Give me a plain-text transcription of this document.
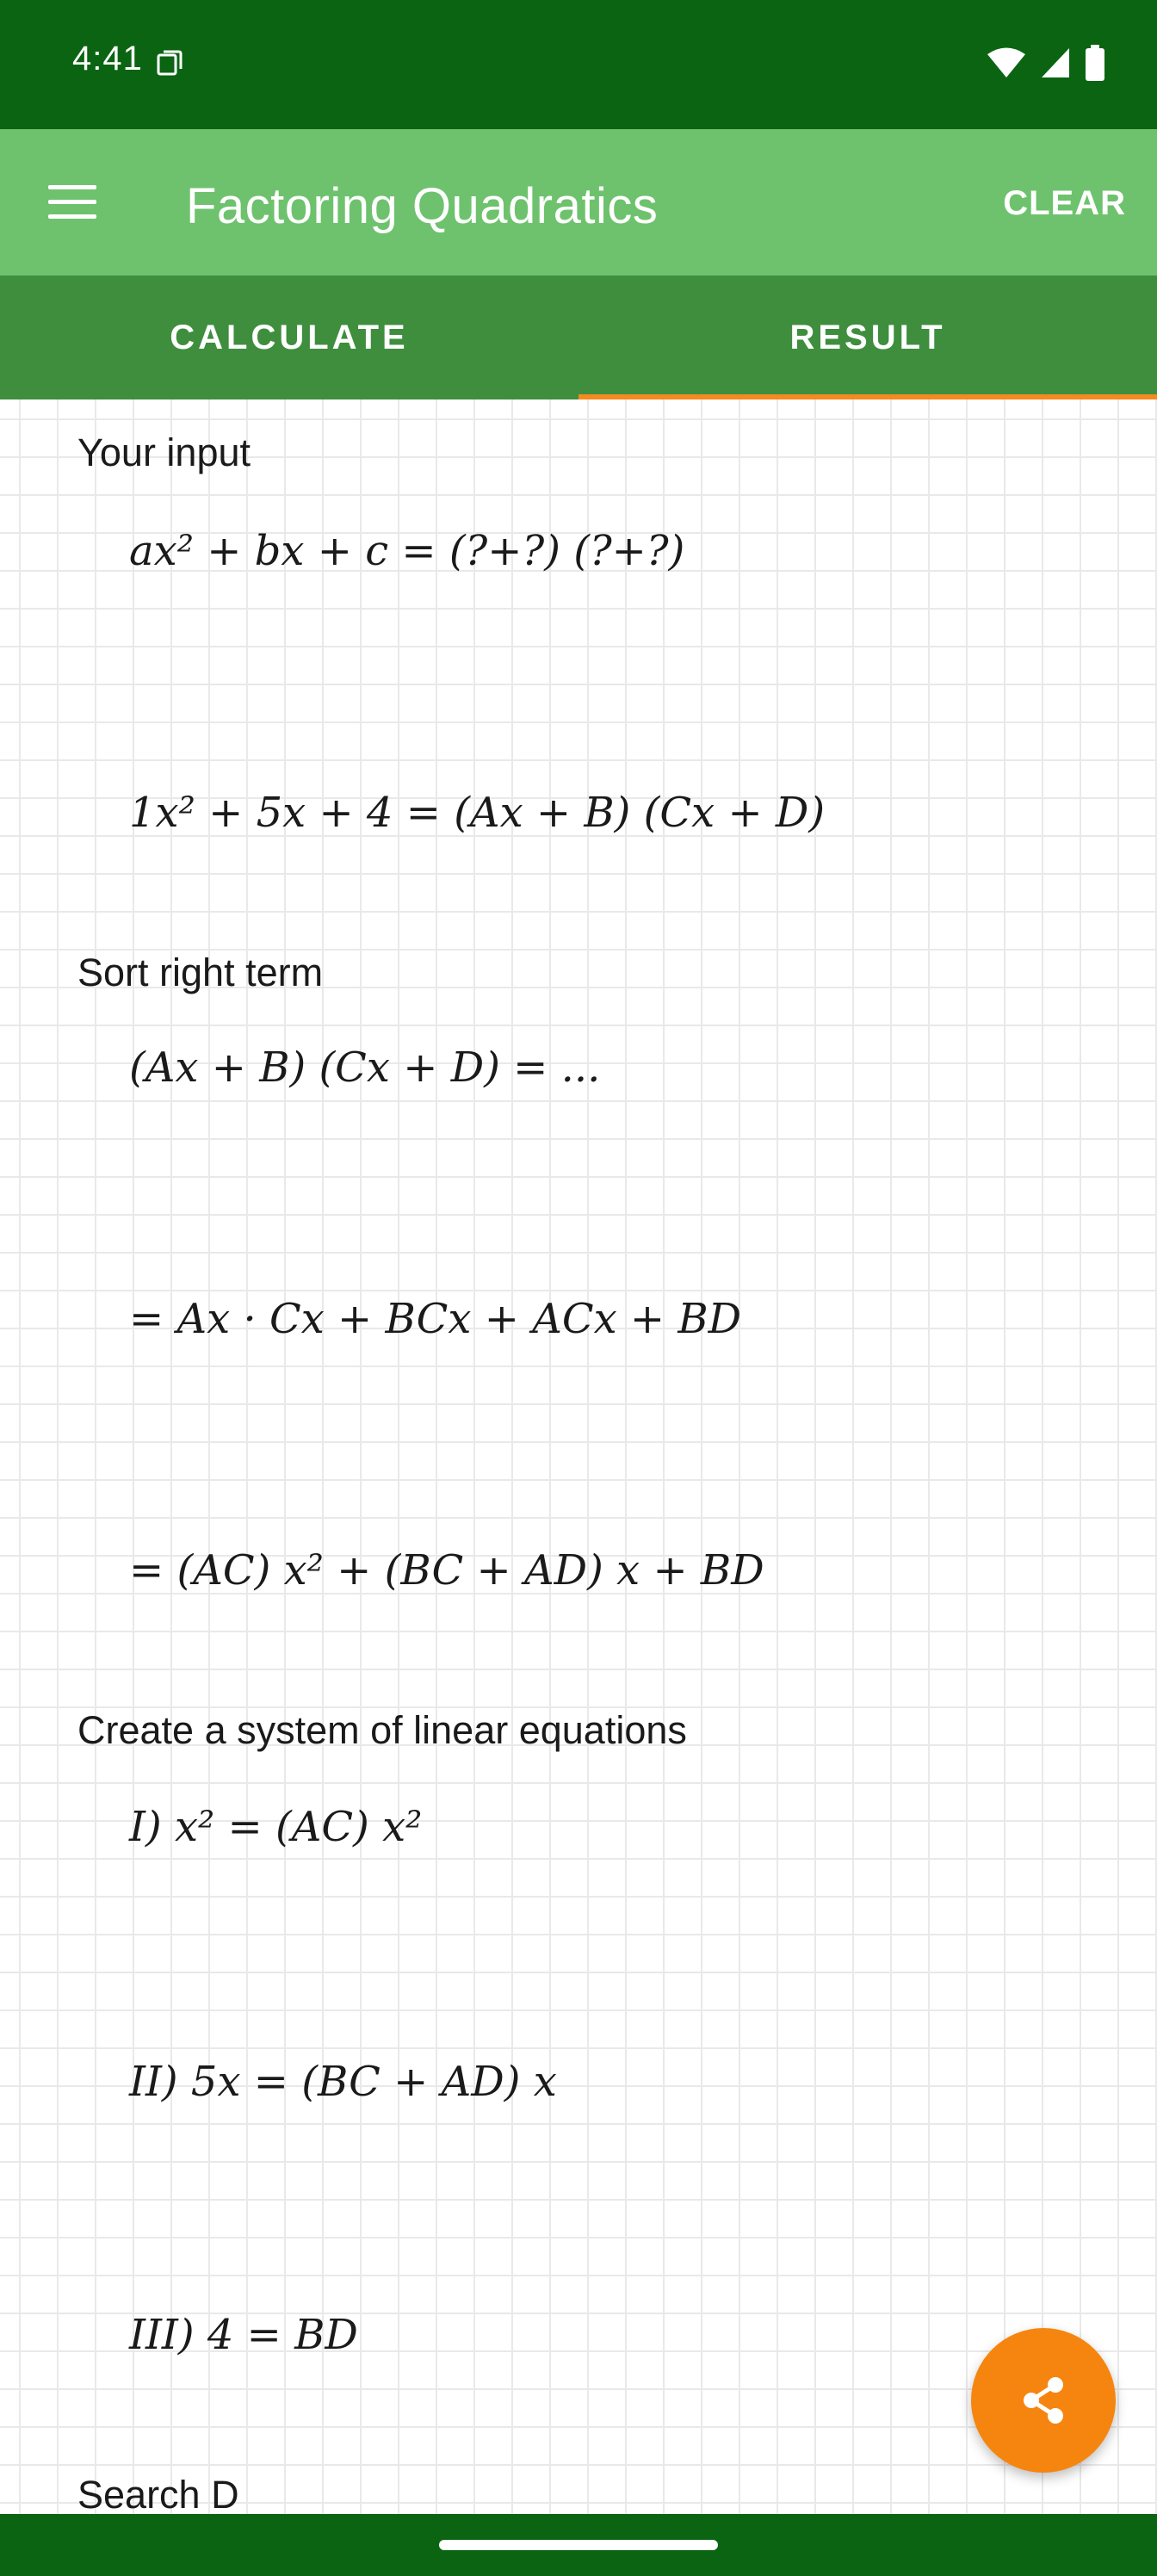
4:41
Factoring Quadratics	CLEAR
CALCULATE	RESULT
Your input
ax² + bx + c = (?+?) (?+?)
1x² + 5x + 4 = (Ax + B) (Cx + D)
Sort right term
(Ax + B) (Cx + D) = ...
= Ax · Cx + BCx + ACx + BD
= (AC) x² + (BC + AD) x + BD
Create a system of linear equations
I) x² = (AC) x²
II) 5x = (BC + AD) x
III) 4 = BD
Search D
